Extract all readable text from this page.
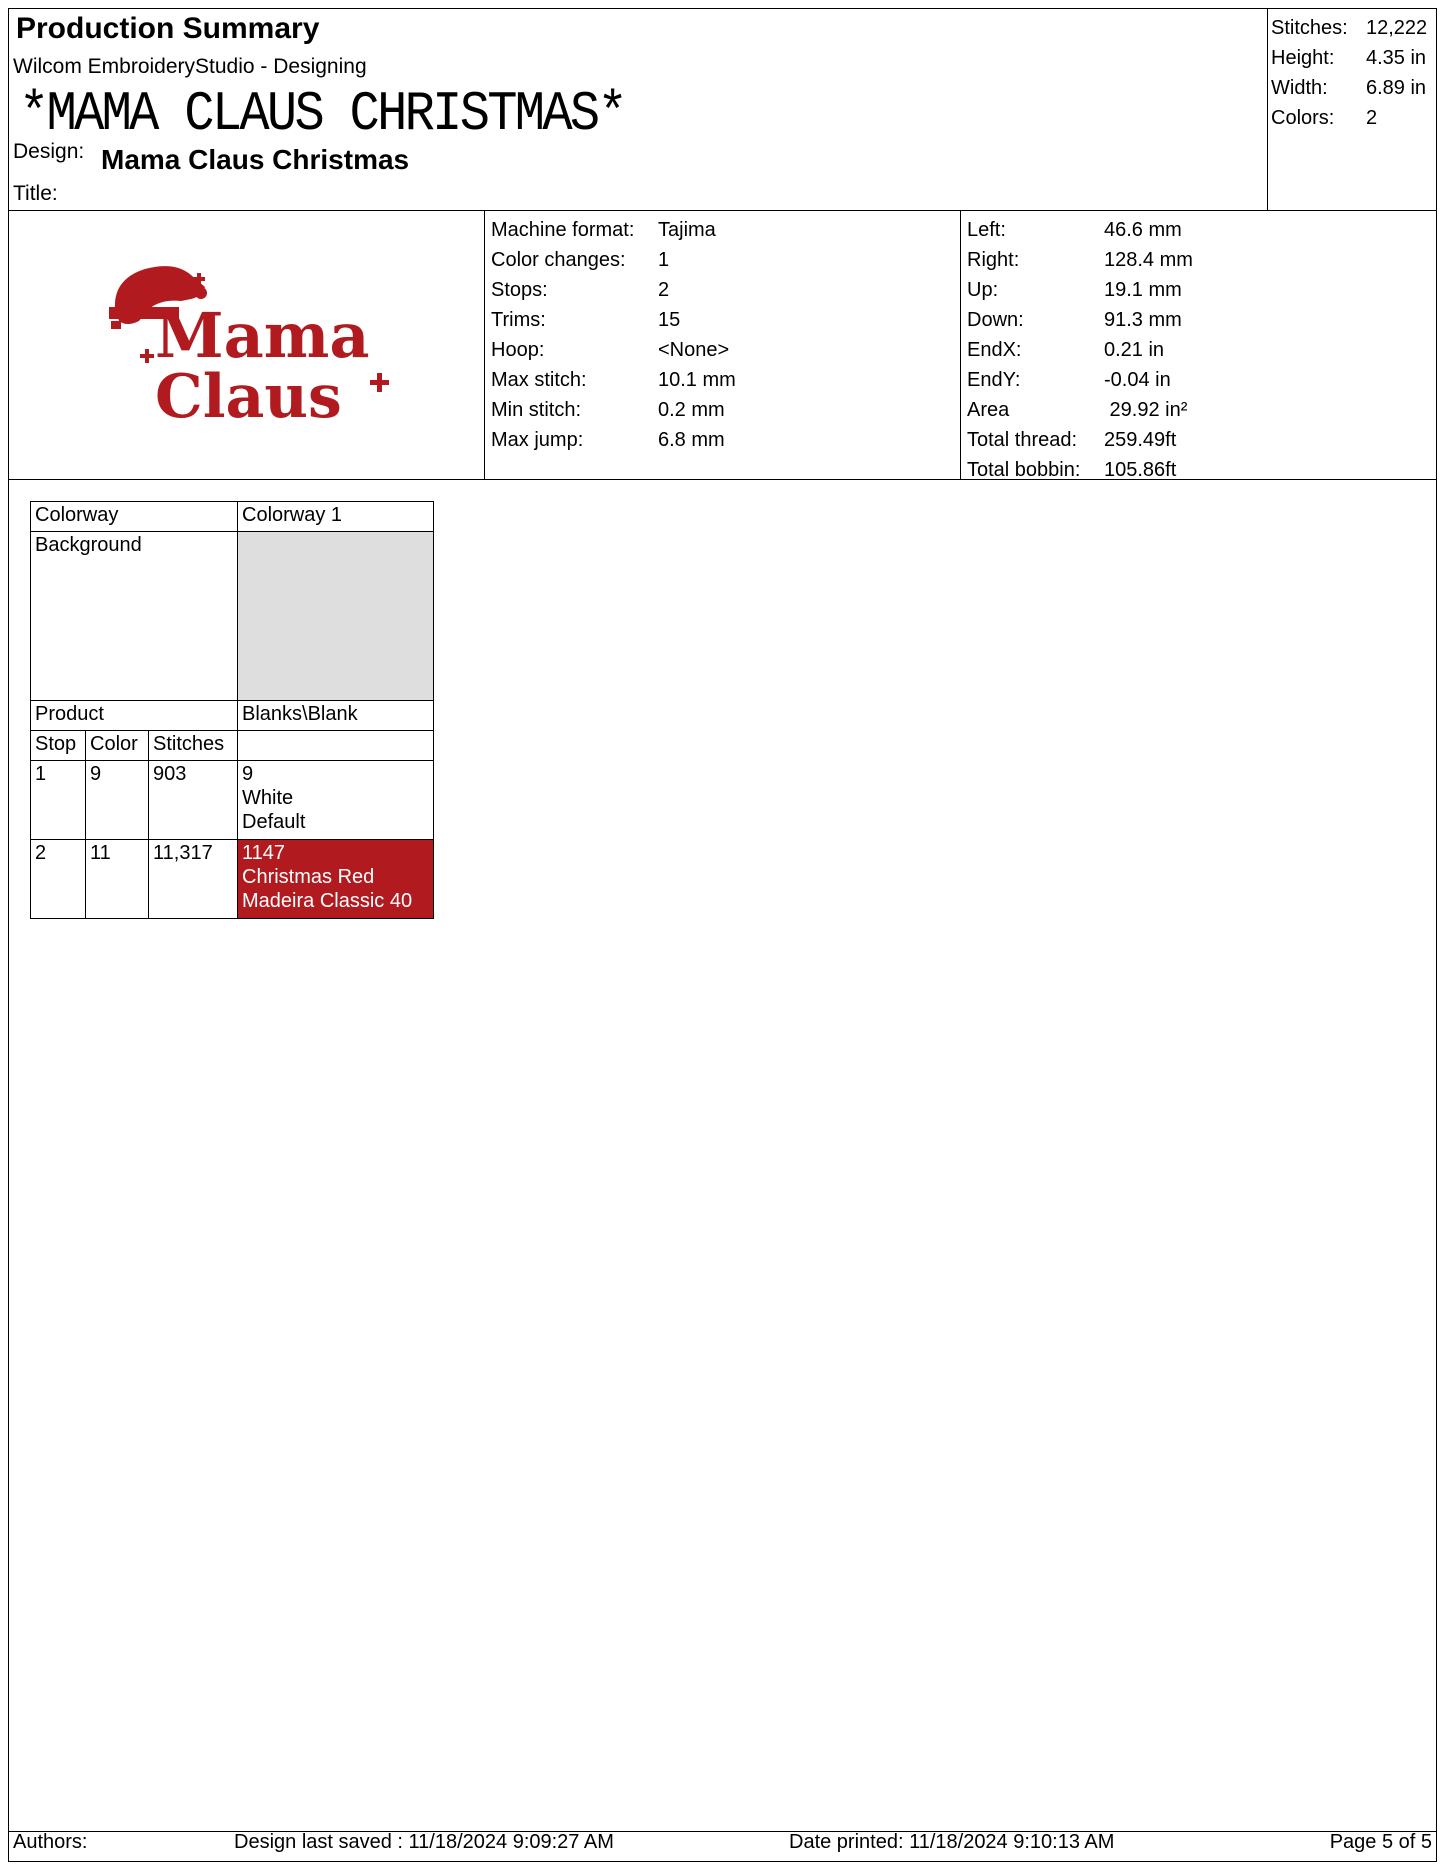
Production Summary
Wilcom EmbroideryStudio - Designing
*MAMA CLAUS CHRISTMAS*
Design: Mama Claus Christmas
Title:
Stitches: 12,222
Height:	4.35 in
Width:	6.89 in
Colors:	2
Mama
Claus
Machine format:	Tajima
Color changes:	1
Stops:	2
Trims:	15
Hoop:	<None>
Max stitch:	10.1 mm
Min stitch:	0.2 mm
Max jump:	6.8 mm
Left:	46.6 mm
Right:	128.4 mm
Up:	19.1 mm
Down:	91.3 mm
EndX:	0.21 in
EndY:	-0.04 in
Area	29.92 in²
Total thread:	259.49ft
Total bobbin:	105.86ft
Colorway			Colorway 1
Background			
Product			Blanks\Blank
Stop	Color	Stitches	
1	9	903	9
White
Default

2	11	11,317	1147
Christmas Red
Madeira Classic 40
Authors:	Design last saved : 11/18/2024 9:09:27 AM	Date printed: 11/18/2024 9:10:13 AM	Page 5 of 5
